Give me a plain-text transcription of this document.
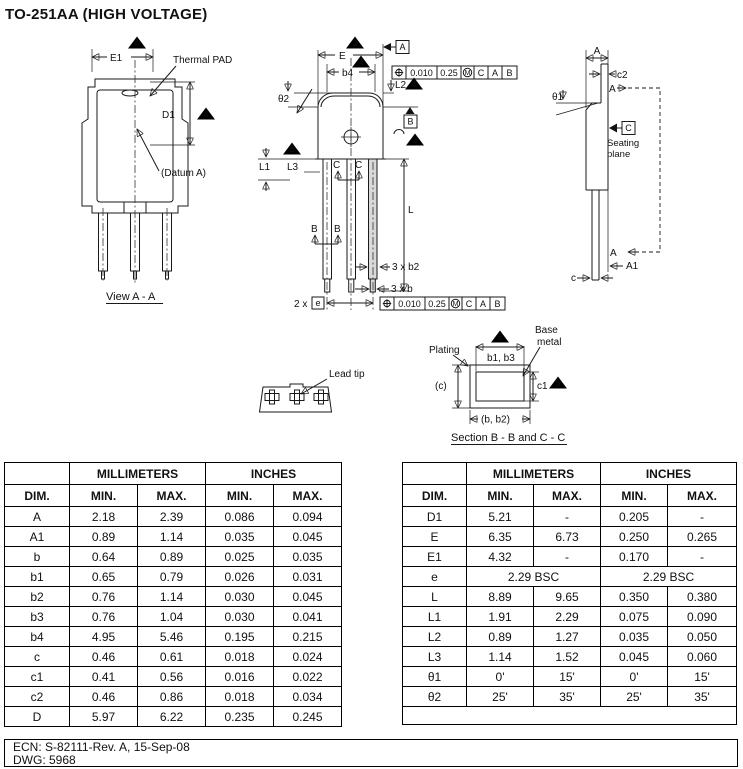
TO-251AA (HIGH VOLTAGE)
E1
4
Thermal PAD
D1	4
(Datum A)
View A - A
E
3	A
b4
4
0.010 0.25 M C A B
L2 4
θ2
B
3
5
L1 L3	C C
B B
L
3 x b2
3 x b
2 x e	0.010 0.25 M C A B
A
c2
A
A
θ1
C
Seating
plane
A1
c
Lead tip
(c)	c1 5
b1, b3
5
Plating
Base
metal
(b, b2)
Section B - B and C - C
	MILLIMETERS		INCHES	
DIM.	MIN.	MAX.	MIN.	MAX.
A	2.18	2.39	0.086	0.094
A1	0.89	1.14	0.035	0.045
b	0.64	0.89	0.025	0.035
b1	0.65	0.79	0.026	0.031
b2	0.76	1.14	0.030	0.045
b3	0.76	1.04	0.030	0.041
b4	4.95	5.46	0.195	0.215
c	0.46	0.61	0.018	0.024
c1	0.41	0.56	0.016	0.022
c2	0.46	0.86	0.018	0.034
D	5.97	6.22	0.235	0.245
	MILLIMETERS		INCHES	
DIM.	MIN.	MAX.	MIN.	MAX.
D1	5.21	-	0.205	-
E	6.35	6.73	0.250	0.265
E1	4.32	-	0.170	-
e	2.29 BSC		2.29 BSC	
L	8.89	9.65	0.350	0.380
L1	1.91	2.29	0.075	0.090
L2	0.89	1.27	0.035	0.050
L3	1.14	1.52	0.045	0.060
θ1	0'	15'	0'	15'
θ2	25'	35'	25'	35'

ECN: S-82111-Rev. A, 15-Sep-08
DWG: 5968
